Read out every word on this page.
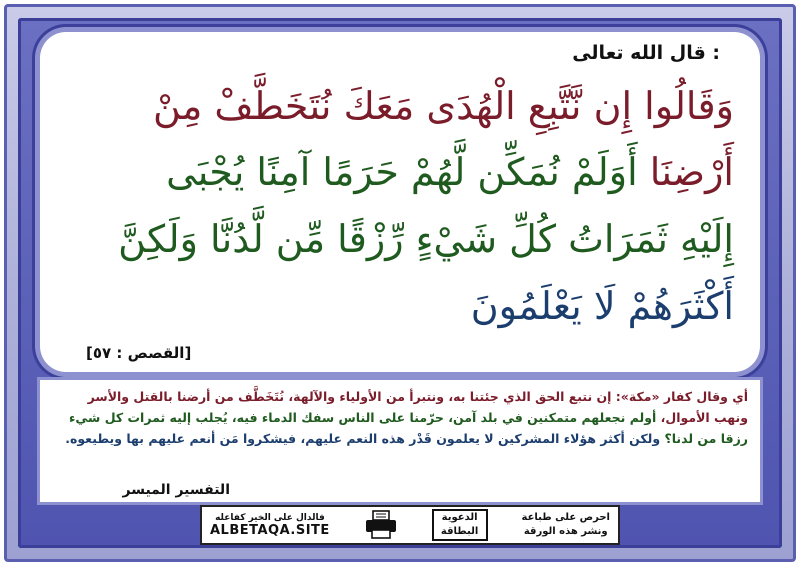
قال الله تعالى :
وَقَالُوا إِن نَّتَّبِعِ الْهُدَى مَعَكَ نُتَخَطَّفْ مِنْ
أَرْضِنَا أَوَلَمْ نُمَكِّن لَّهُمْ حَرَمًا آمِنًا يُجْبَى
إِلَيْهِ ثَمَرَاتُ كُلِّ شَيْءٍ رِّزْقًا مِّن لَّدُنَّا وَلَكِنَّ
أَكْثَرَهُمْ لَا يَعْلَمُونَ
[القصص : ٥٧]
أي وقال كفار «مكة»: إن نتبع الحق الذي جئتنا به، ونتبرأ من الأولياء والآلهة، نُتَخَطَّف من أرضنا بالقتل والأسر ونهب الأموال، أولم نجعلهم متمكنين في بلد آمن، حرّمنا على الناس سفك الدماء فيه، يُجلب إليه ثمرات كل شيء رزقا من لدنا؟ ولكن أكثر هؤلاء المشركين لا يعلمون قَدْر هذه النعم عليهم، فيشكروا مَن أنعم عليهم بها ويطيعوه.
التفسير الميسر
فالدال على الخير كفاعله
ALBETAQA.SITE
الدعوية البطاقة
احرص على طباعة
ونشر هذه الورقة
